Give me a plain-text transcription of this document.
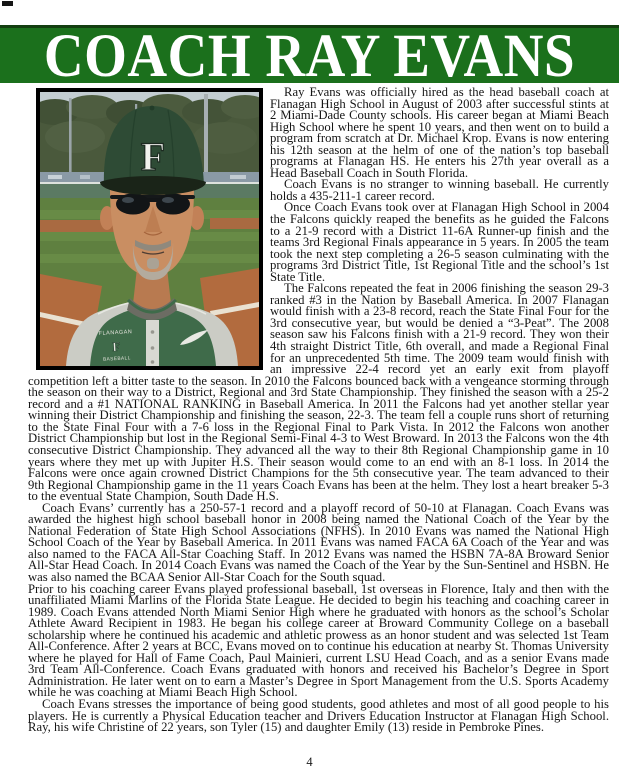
COACH RAY EVANS
F
FLANAGAN
F
BASEBALL

Ray Evans was officially hired as the head baseball coach at Flanagan High School in August of 2003 after successful stints at 2 Miami-Dade County schools. His career began at Miami Beach High School where he spent 10 years, and then went on to build a program from scratch at Dr. Michael Krop. Evans is now entering his 12th season at the helm of one of the nation’s top baseball programs at Flanagan HS. He enters his 27th year overall as a Head Baseball Coach in South Florida.

Coach Evans is no stranger to winning baseball. He currently holds a 435-211-1 career record.

Once Coach Evans took over at Flanagan High School in 2004 the Falcons quickly reaped the benefits as he guided the Falcons to a 21-9 record with a District 11-6A Runner-up finish and the teams 3rd Regional Finals appearance in 5 years. In 2005 the team took the next step completing a 26-5 season culminating with the programs 3rd District Title, 1st Regional Title and the school’s 1st State Title.

The Falcons repeated the feat in 2006 finishing the season 29-3 ranked #3 in the Nation by Baseball America. In 2007 Flanagan would finish with a 23-8 record, reach the State Final Four for the 3rd consecutive year, but would be denied a “3-Peat”. The 2008 season saw his Falcons finish with a 21-9 record. They won their 4th straight District Title, 6th overall, and made a Regional Final for an unprecedented 5th time. The 2009 team would finish with an impressive 22-4 record yet an early exit from playoff competition left a bitter taste to the season. In 2010 the Falcons bounced back with a vengeance storming through the season on their way to a District, Regional and 3rd State Championship. They finished the season with a 25-2 record and a #1 NATIONAL RANKING in Baseball America. In 2011 the Falcons had yet another stellar year winning their District Championship and finishing the season, 22-3. The team fell a couple runs short of returning to the State Final Four with a 7-6 loss in the Regional Final to Park Vista. In 2012 the Falcons won another District Championship but lost in the Regional Semi-Final 4-3 to West Broward. In 2013 the Falcons won the 4th consecutive District Championship. They advanced all the way to their 8th Regional Championship game in 10 years where they met up with Jupiter H.S. Their season would come to an end with an 8-1 loss. In 2014 the Falcons were once again crowned District Champions for the 5th consecutive year. The team advanced to their 9th Regional Championship game in the 11 years Coach Evans has been at the helm. They lost a heart breaker 5-3 to the eventual State Champion, South Dade H.S.

Coach Evans’ currently has a 250-57-1 record and a playoff record of 50-10 at Flanagan. Coach Evans was awarded the highest high school baseball honor in 2008 being named the National Coach of the Year by the National Federation of State High School Associations (NFHS). In 2010 Evans was named the National High School Coach of the Year by Baseball America. In 2011 Evans was named FACA 6A Coach of the Year and was also named to the FACA All-Star Coaching Staff. In 2012 Evans was named the HSBN 7A-8A Broward Senior All-Star Head Coach. In 2014 Coach Evans was named the Coach of the Year by the Sun-Sentinel and HSBN. He was also named the BCAA Senior All-Star Coach for the South squad.

Prior to his coaching career Evans played professional baseball, 1st overseas in Florence, Italy and then with the unaffiliated Miami Marlins of the Florida State League. He decided to begin his teaching and coaching career in 1989. Coach Evans attended North Miami Senior High where he graduated with honors as the school’s Scholar Athlete Award Recipient in 1983. He began his college career at Broward Community College on a baseball scholarship where he continued his academic and athletic prowess as an honor student and was selected 1st Team All-Conference. After 2 years at BCC, Evans moved on to continue his education at nearby St. Thomas University where he played for Hall of Fame Coach, Paul Mainieri, current LSU Head Coach, and as a senior Evans made 3rd Team All-Conference. Coach Evans graduated with honors and received his Bachelor’s Degree in Sport Administration. He later went on to earn a Master’s Degree in Sport Management from the U.S. Sports Academy while he was coaching at Miami Beach High School.

Coach Evans stresses the importance of being good students, good athletes and most of all good people to his players. He is currently a Physical Education teacher and Drivers Education Instructor at Flanagan High School. Ray, his wife Christine of 22 years, son Tyler (15) and daughter Emily (13) reside in Pembroke Pines.

4
